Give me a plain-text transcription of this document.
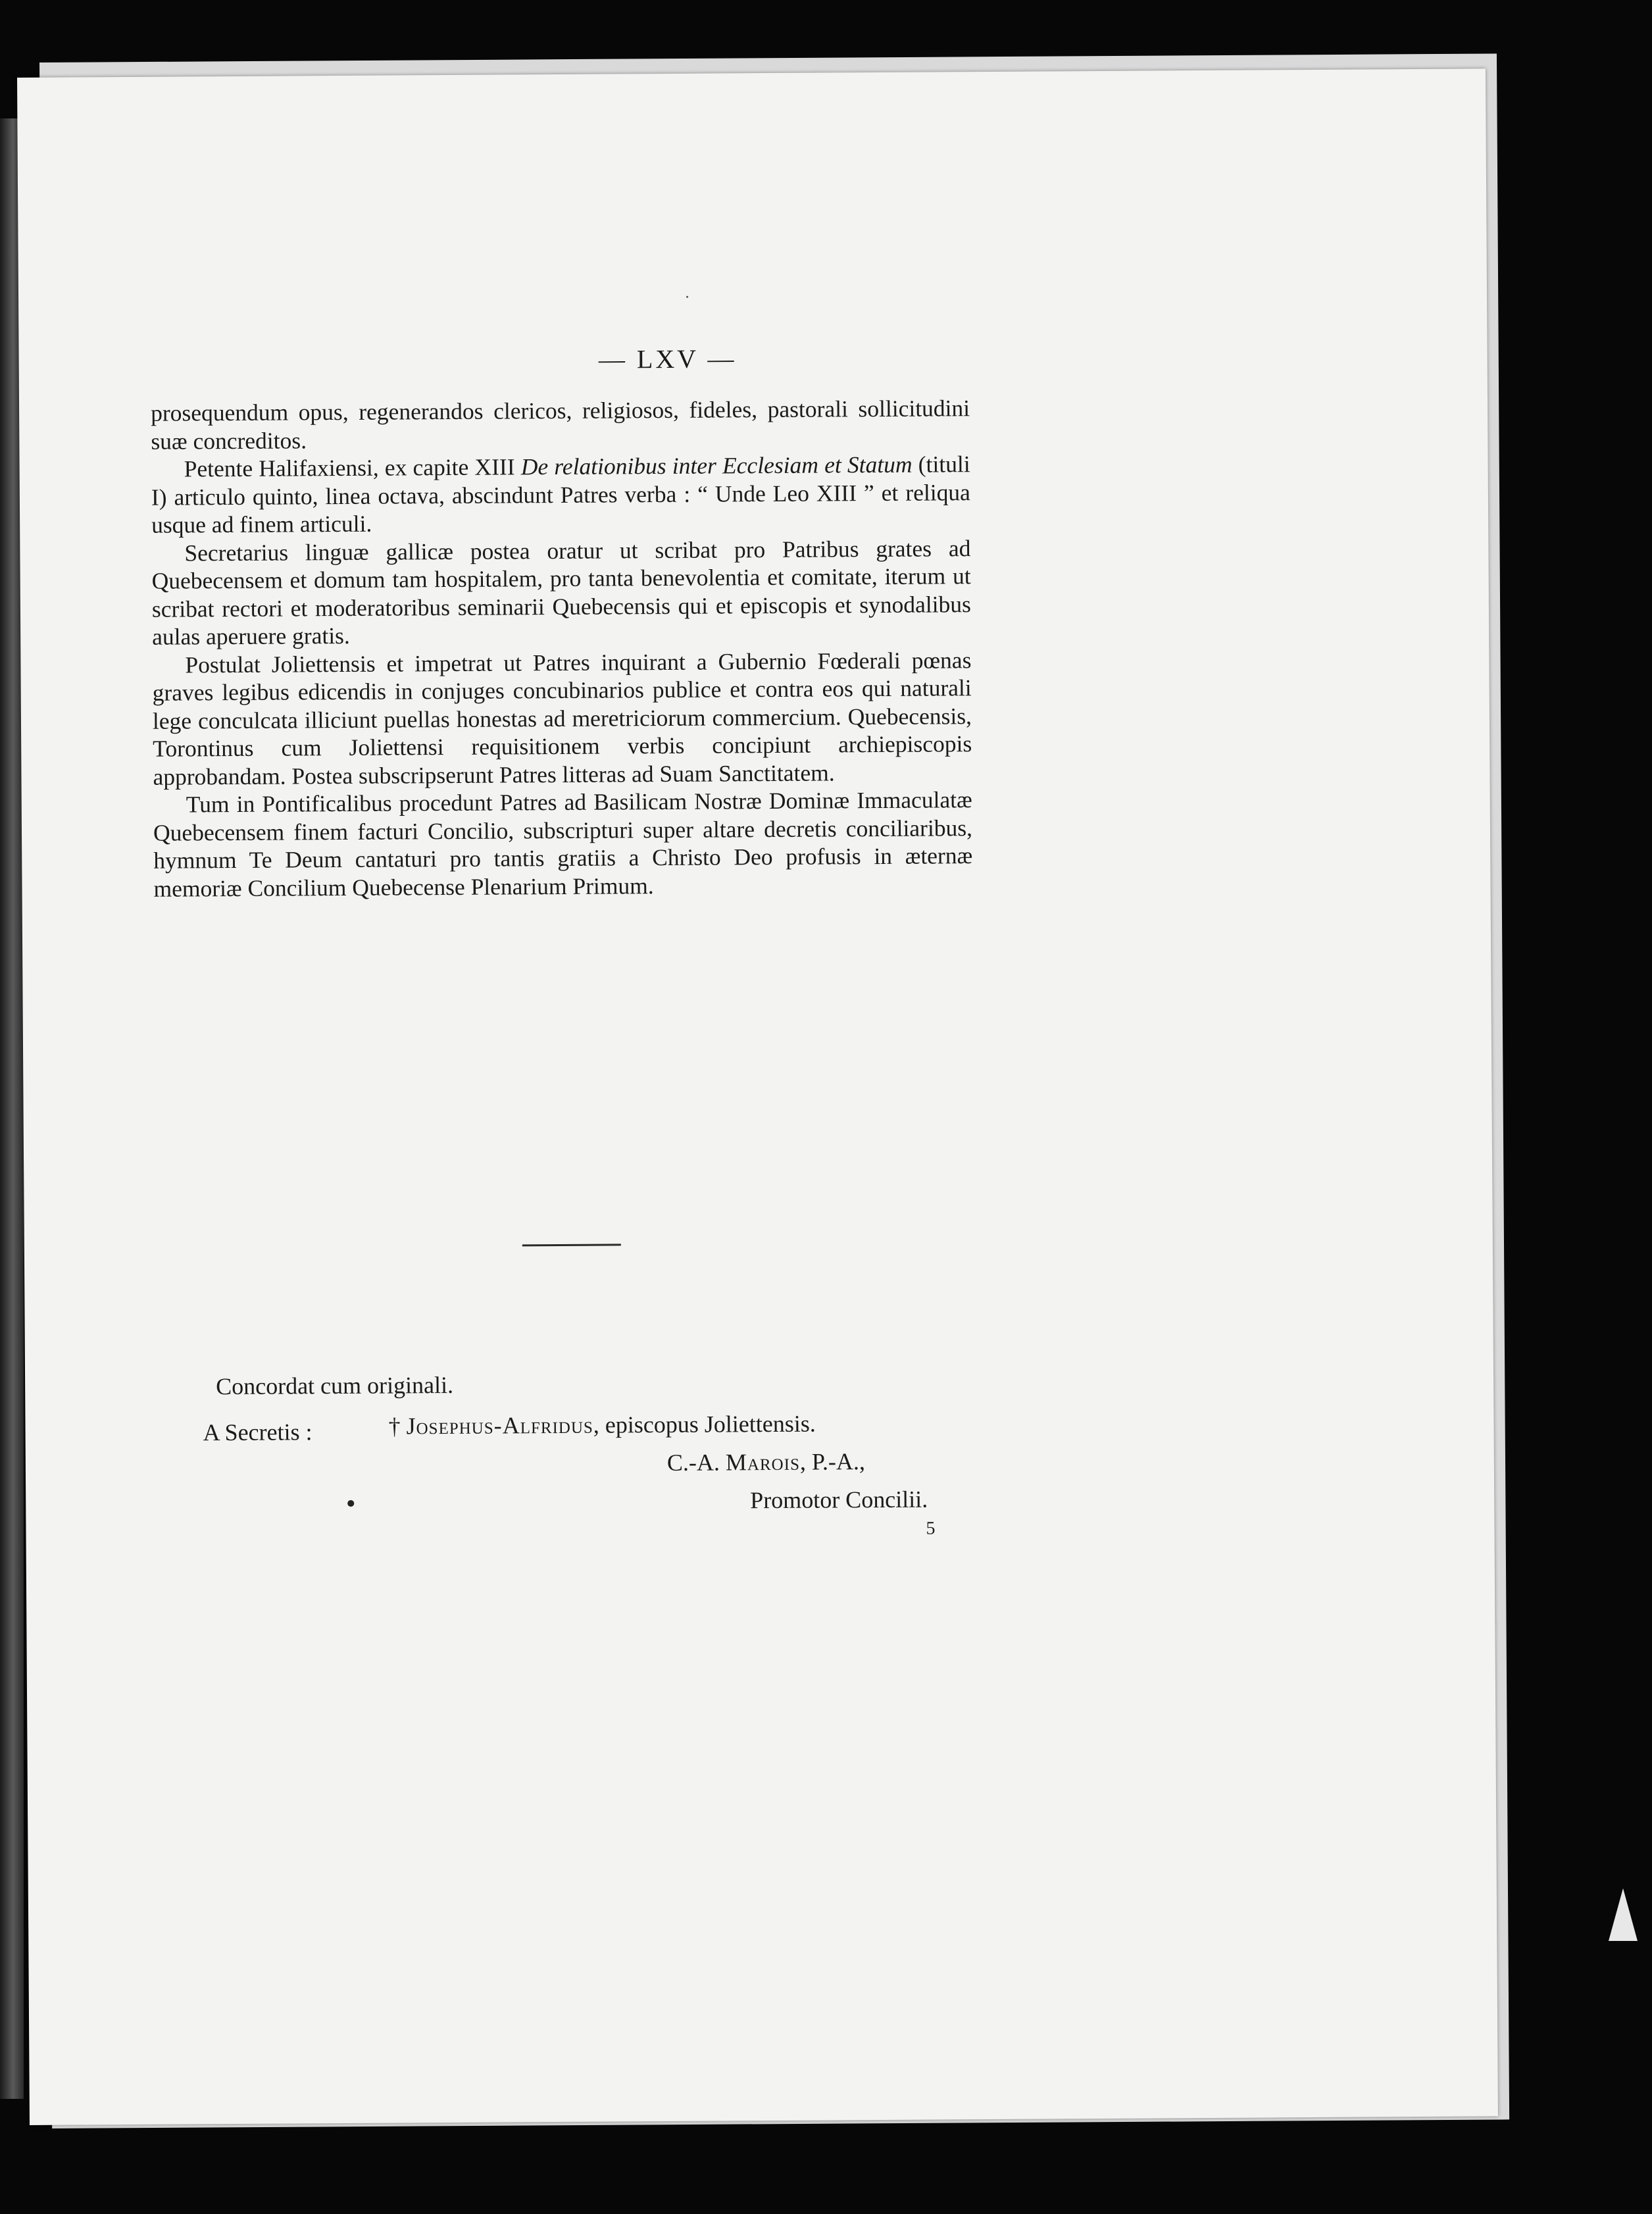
— LXV —

prosequendum opus, regenerandos clericos, religiosos, fideles, pastorali sollicitudini suæ concreditos.

Petente Halifaxiensi, ex capite XIII De relationibus inter Ecclesiam et Statum (tituli I) articulo quinto, linea octava, abscindunt Patres verba : “ Unde Leo XIII ” et reliqua usque ad finem articuli.

Secretarius linguæ gallicæ postea oratur ut scribat pro Patribus grates ad Quebecensem et domum tam hospitalem, pro tanta benevolentia et comitate, iterum ut scribat rectori et moderatoribus seminarii Quebecensis qui et episcopis et synodalibus aulas aperuere gratis.

Postulat Joliettensis et impetrat ut Patres inquirant a Gubernio Fœderali pœnas graves legibus edicendis in conjuges concubinarios publice et contra eos qui naturali lege conculcata illiciunt puellas honestas ad meretriciorum commercium. Quebecensis, Torontinus cum Joliettensi requisitionem verbis concipiunt archiepiscopis approbandam. Postea subscripserunt Patres litteras ad Suam Sanctitatem.

Tum in Pontificalibus procedunt Patres ad Basilicam Nostræ Dominæ Immaculatæ Quebecensem finem facturi Concilio, subscripturi super altare decretis conciliaribus, hymnum Te Deum cantaturi pro tantis gratiis a Christo Deo profusis in æternæ memoriæ Concilium Quebecense Plenarium Primum.

Concordat cum originali.
A Secretis :	† Josephus-Alfridus, episcopus Joliettensis.
C.-A. Marois, P.-A.,
Promotor Concilii.
5
